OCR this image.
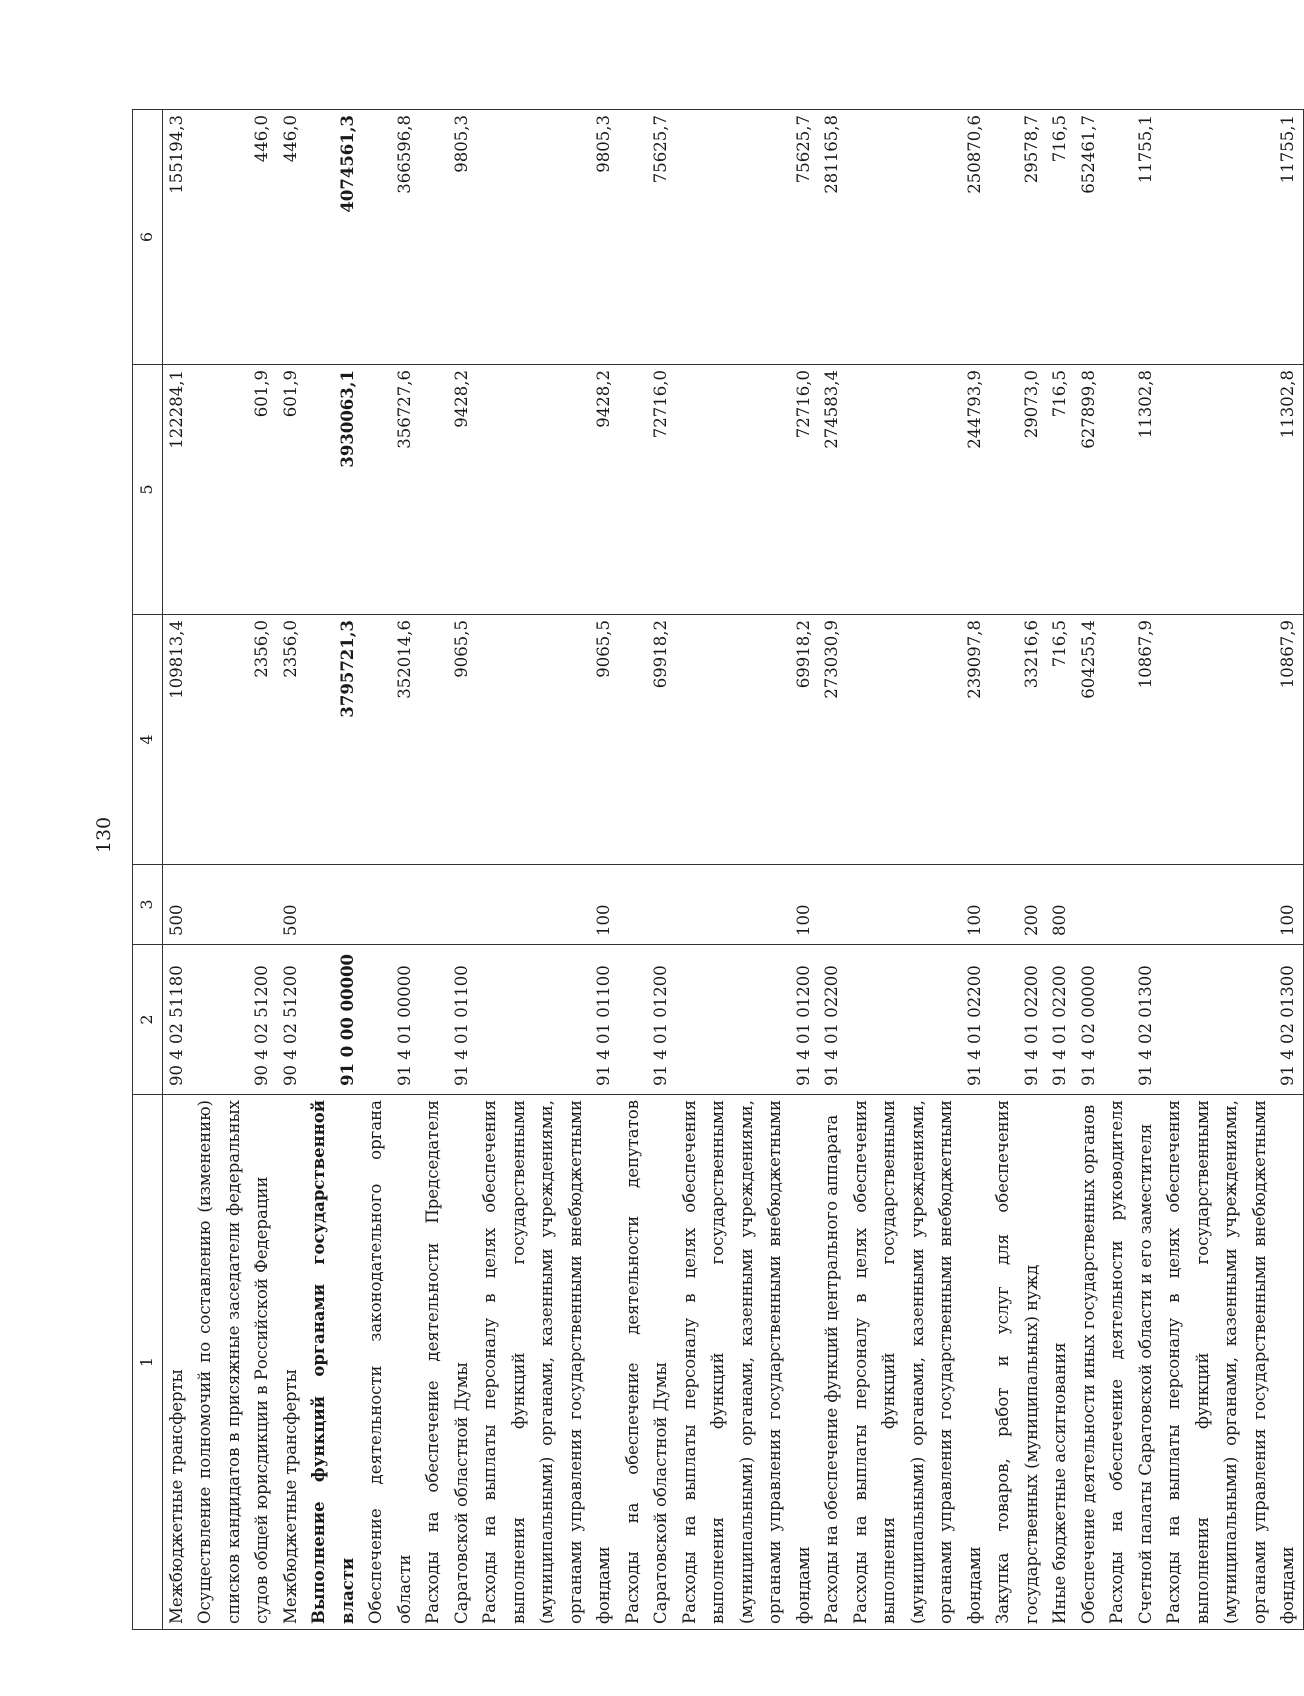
130
1	2	3	4	5	6
Межбюджетные трансферты	90 4 02 51180	500	109813,4	122284,1	155194,3
Осуществление полномочий по составлению (изменению) списков кандидатов в присяжные заседатели федеральных судов общей юрисдикции в Российской Федерации	90 4 02 51200		2356,0	601,9	446,0
Межбюджетные трансферты	90 4 02 51200	500	2356,0	601,9	446,0
Выполнение функций органами государственной власти	91 0 00 00000		3795721,3	3930063,1	4074561,3
Обеспечение деятельности законодательного органа области	91 4 01 00000		352014,6	356727,6	366596,8
Расходы на обеспечение деятельности Председателя Саратовской областной Думы	91 4 01 01100		9065,5	9428,2	9805,3
Расходы на выплаты персоналу в целях обеспечения выполнения функций государственными (муниципальными) органами, казенными учреждениями, органами управления государственными внебюджетными фондами	91 4 01 01100	100	9065,5	9428,2	9805,3
Расходы на обеспечение деятельности депутатов Саратовской областной Думы	91 4 01 01200		69918,2	72716,0	75625,7
Расходы на выплаты персоналу в целях обеспечения выполнения функций государственными (муниципальными) органами, казенными учреждениями, органами управления государственными внебюджетными фондами	91 4 01 01200	100	69918,2	72716,0	75625,7
Расходы на обеспечение функций центрального аппарата	91 4 01 02200		273030,9	274583,4	281165,8
Расходы на выплаты персоналу в целях обеспечения выполнения функций государственными (муниципальными) органами, казенными учреждениями, органами управления государственными внебюджетными фондами	91 4 01 02200	100	239097,8	244793,9	250870,6
Закупка товаров, работ и услуг для обеспечения государственных (муниципальных) нужд	91 4 01 02200	200	33216,6	29073,0	29578,7
Иные бюджетные ассигнования	91 4 01 02200	800	716,5	716,5	716,5
Обеспечение деятельности иных государственных органов	91 4 02 00000		604255,4	627899,8	652461,7
Расходы на обеспечение деятельности руководителя Счетной палаты Саратовской области и его заместителя	91 4 02 01300		10867,9	11302,8	11755,1
Расходы на выплаты персоналу в целях обеспечения выполнения функций государственными (муниципальными) органами, казенными учреждениями, органами управления государственными внебюджетными фондами	91 4 02 01300	100	10867,9	11302,8	11755,1
